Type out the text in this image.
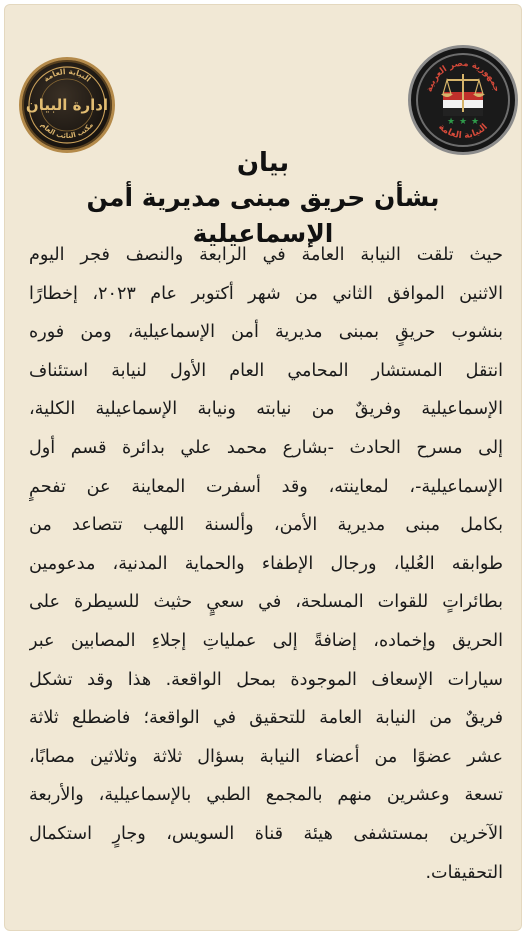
النيابة العامة
ادارة البيان
مكتب النائب العام
جمهورية مصر العربية
★ ★ ★
النيابة العامة
بيان
بشأن حريق مبنى مديرية أمن الإسماعيلية
حيث تلقت النيابة العامة في الرابعة والنصف فجر اليوم
الاثنين الموافق الثاني من شهر أكتوبر عام ٢٠٢٣، إخطارًا
بنشوب حريقٍ بمبنى مديرية أمن الإسماعيلية، ومن فوره
انتقل المستشار المحامي العام الأول لنيابة استئناف
الإسماعيلية وفريقٌ من نيابته ونيابة الإسماعيلية الكلية،
إلى مسرح الحادث -بشارع محمد علي بدائرة قسم أول
الإسماعيلية-، لمعاينته، وقد أسفرت المعاينة عن تفحمٍ
بكامل مبنى مديرية الأمن، وألسنة اللهب تتصاعد من
طوابقه العُليا، ورجال الإطفاء والحماية المدنية، مدعومين
بطائراتٍ للقوات المسلحة، في سعيٍ حثيث للسيطرة على
الحريق وإخماده، إضافةً إلى عملياتِ إجلاءِ المصابين عبر
سيارات الإسعاف الموجودة بمحل الواقعة. هذا وقد تشكل
فريقٌ من النيابة العامة للتحقيق في الواقعة؛ فاضطلع ثلاثة
عشر عضوًا من أعضاء النيابة بسؤال ثلاثة وثلاثين مصابًا،
تسعة وعشرين منهم بالمجمع الطبي بالإسماعيلية، والأربعة
الآخرين بمستشفى هيئة قناة السويس، وجارٍ استكمال
التحقيقات.
